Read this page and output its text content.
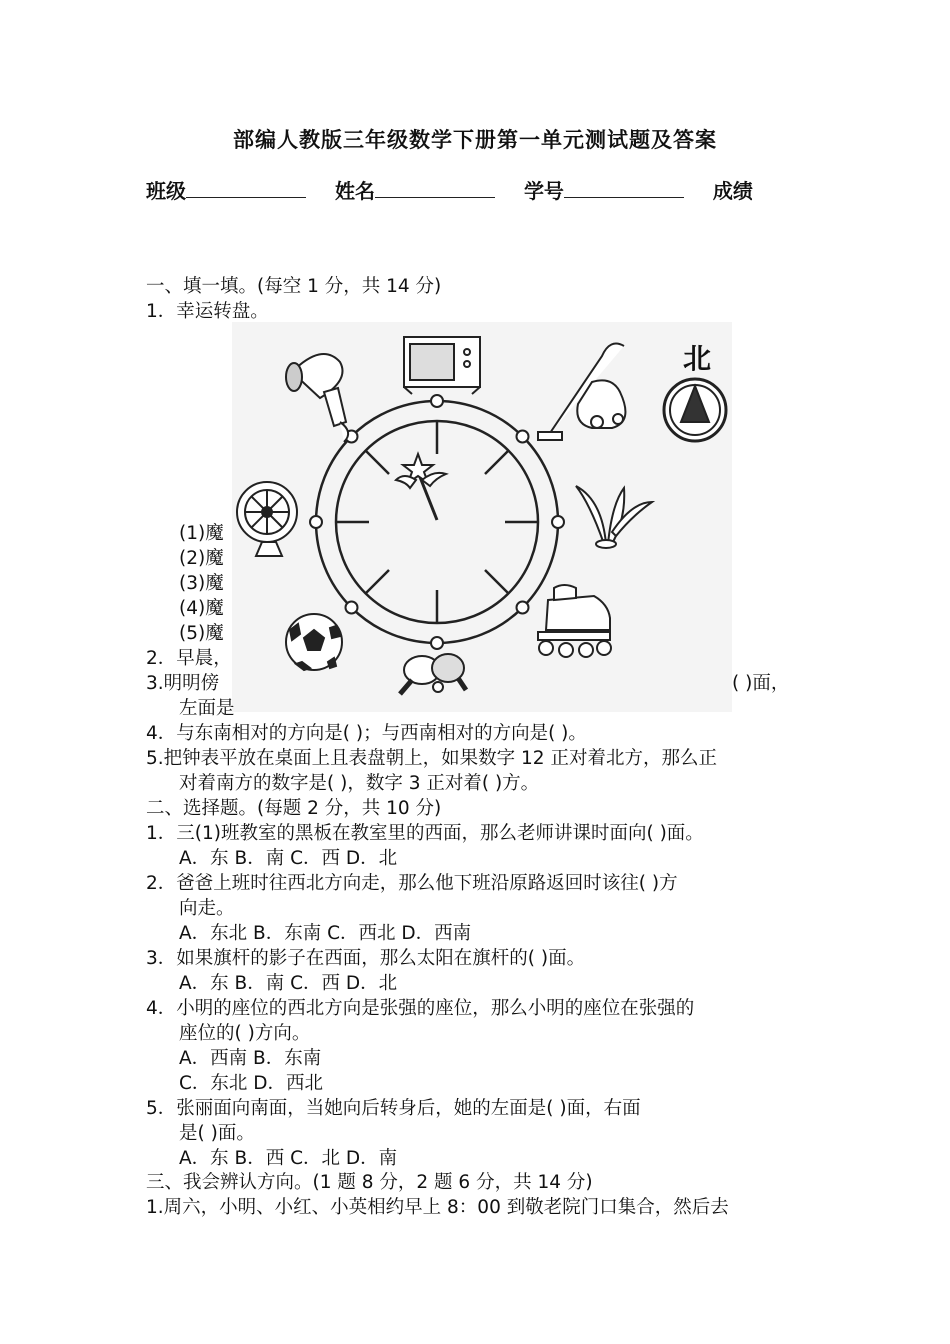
部编人教版三年级数学下册第一单元测试题及答案
班级	姓名	学号	成绩
一、填一填。(每空 1 分，共 14 分)
1．幸运转盘。
北
(1)魔
(2)魔
(3)魔
(4)魔
(5)魔
2．早晨，
3.明明傍	( )面，
左面是
4．与东南相对的方向是( )；与西南相对的方向是( )。
5.把钟表平放在桌面上且表盘朝上，如果数字 12 正对着北方，那么正
对着南方的数字是( )，数字 3 正对着( )方。
二、选择题。(每题 2 分，共 10 分)
1．三(1)班教室的黑板在教室里的西面，那么老师讲课时面向( )面。
A．东 B．南 C．西 D．北
2．爸爸上班时往西北方向走，那么他下班沿原路返回时该往( )方
向走。
A．东北 B．东南 C．西北 D．西南
3．如果旗杆的影子在西面，那么太阳在旗杆的( )面。
A．东 B．南 C．西 D．北
4．小明的座位的西北方向是张强的座位，那么小明的座位在张强的
座位的( )方向。
A．西南 B．东南
C．东北 D．西北
5．张丽面向南面，当她向后转身后，她的左面是( )面，右面
是( )面。
A．东 B．西 C．北 D．南
三、我会辨认方向。(1 题 8 分，2 题 6 分，共 14 分)
1.周六，小明、小红、小英相约早上 8：00 到敬老院门口集合，然后去
